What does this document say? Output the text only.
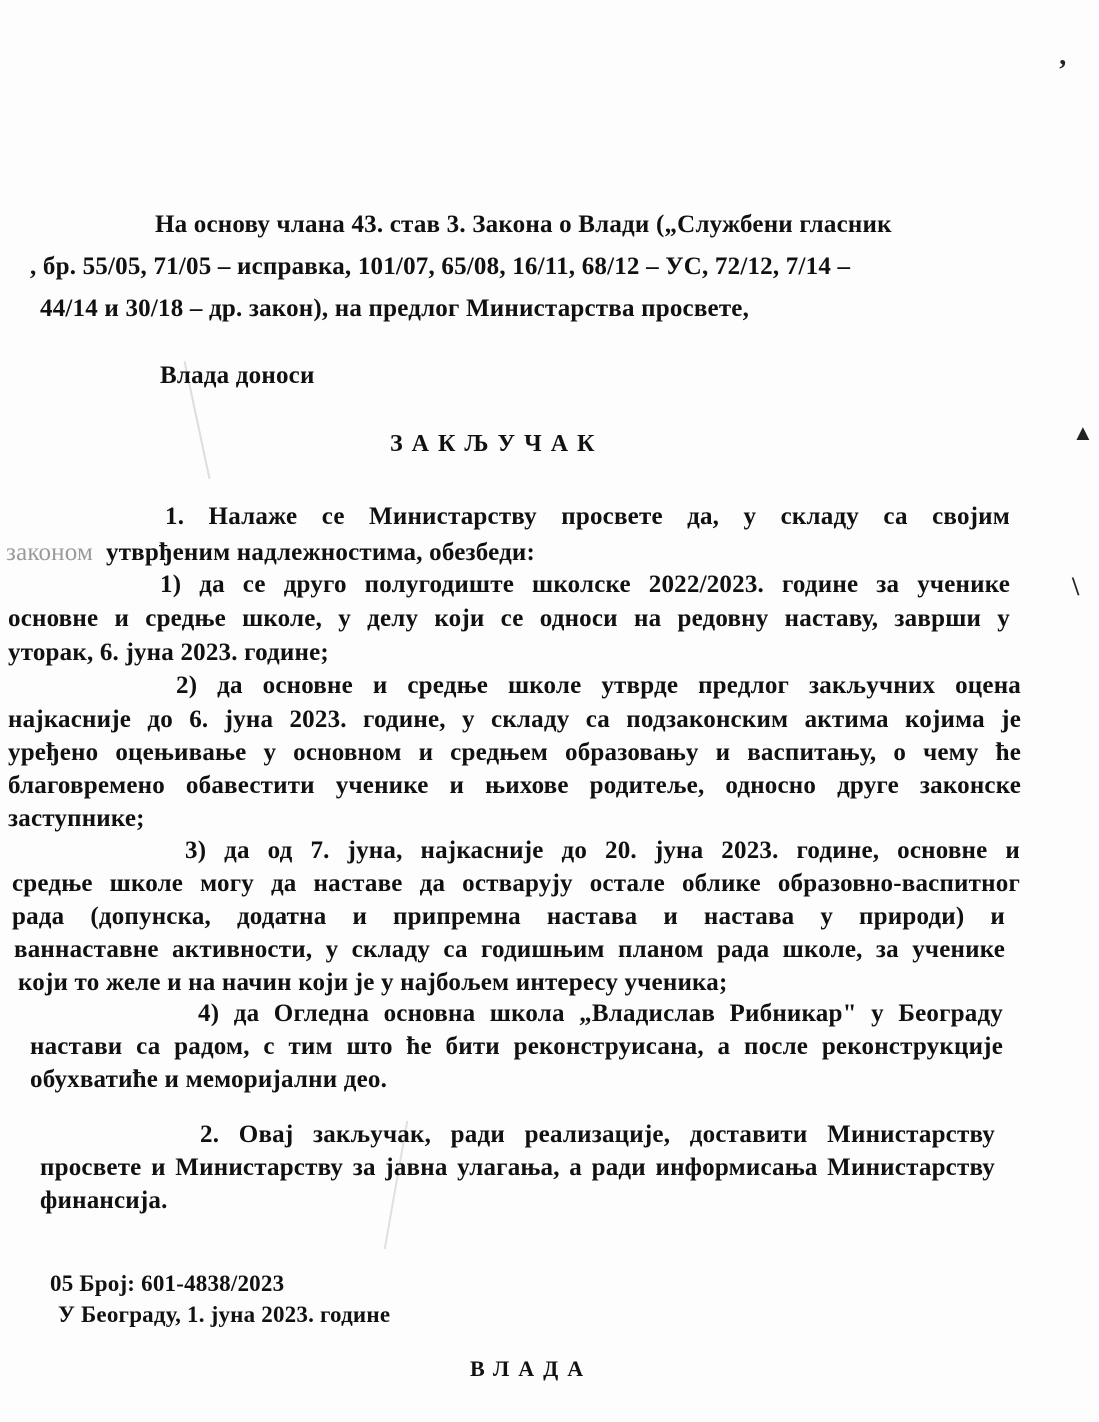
‚
▲
\
На основу члана 43. став 3. Закона о Влади („Службени гласник
, бр. 55/05, 71/05 – исправка, 101/07, 65/08, 16/11, 68/12 – УС, 72/12, 7/14 –
44/14 и 30/18 – др. закон), на предлог Министарства просвете,
Влада доноси
ЗАКЉУЧАК
1. Налаже се Министарству просвете да, у складу са својим
законом утврђеним надлежностима, обезбеди:
1) да се друго полугодиште школске 2022/2023. године за ученике
основне и средње школе, у делу који се односи на редовну наставу, заврши у
уторак, 6. јуна 2023. године;
2) да основне и средње школе утврде предлог закључних оцена
најкасније до 6. јуна 2023. године, у складу са подзаконским актима којима је
уређено оцењивање у основном и средњем образовању и васпитању, о чему ће
благовремено обавестити ученике и њихове родитеље, односно друге законске
заступнике;
3) да од 7. јуна, најкасније до 20. јуна 2023. године, основне и
средње школе могу да наставе да остварују остале облике образовно-васпитног
рада (допунска, додатна и припремна настава и настава у природи) и
ваннаставне активности, у складу са годишњим планом рада школе, за ученике
који то желе и на начин који је у најбољем интересу ученика;
4) да Огледна основна школа „Владислав Рибникар" у Београду
настави са радом, с тим што ће бити реконструисана, а после реконструкције
обухватиће и меморијални део.
2. Овај закључак, ради реализације, доставити Министарству
просвете и Министарству за јавна улагања, а ради информисања Министарству
финансија.
05 Број: 601-4838/2023
У Београду, 1. јуна 2023. године
ВЛАДА
